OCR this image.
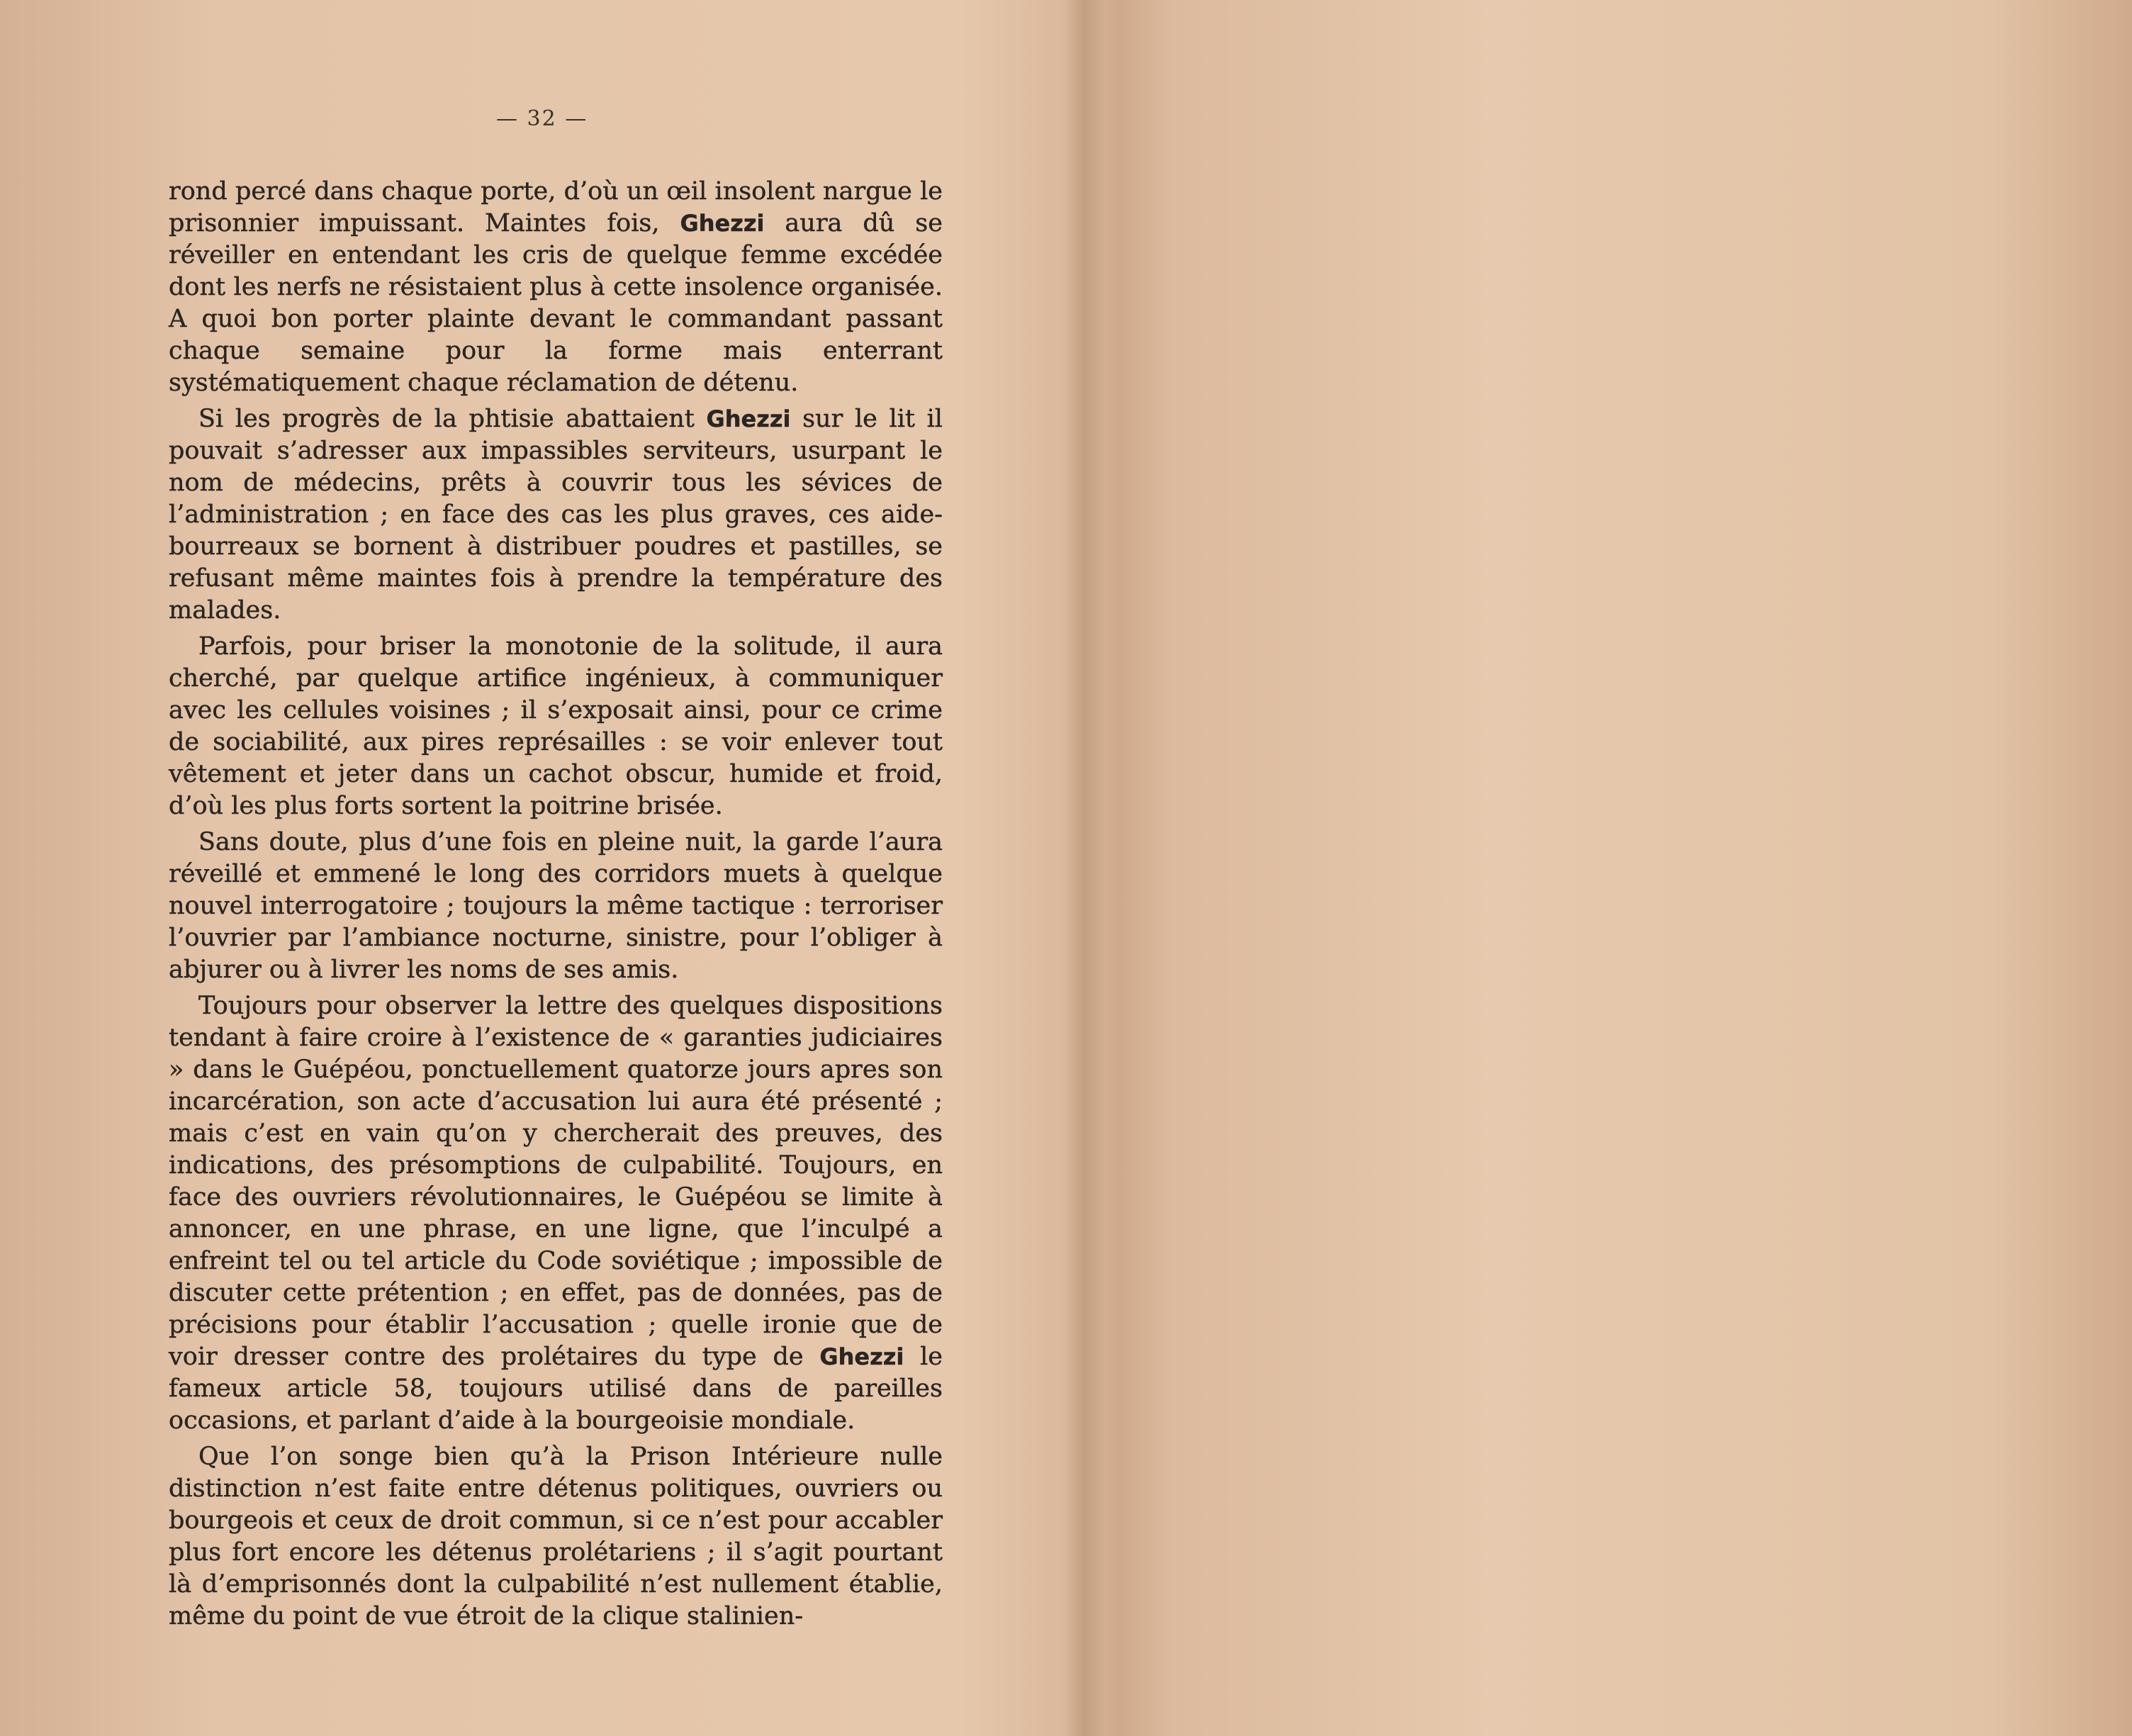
— 32 —

rond percé dans chaque porte, d’où un œil insolent nargue le prisonnier impuissant. Maintes fois, Ghezzi aura dû se réveiller en entendant les cris de quelque femme excédée dont les nerfs ne résistaient plus à cette insolence organisée. A quoi bon porter plainte devant le commandant passant chaque semaine pour la forme mais enterrant systématiquement chaque réclamation de détenu.

Si les progrès de la phtisie abattaient Ghezzi sur le lit il pouvait s’adresser aux impassibles serviteurs, usurpant le nom de médecins, prêts à couvrir tous les sévices de l’administration ; en face des cas les plus graves, ces aide-bourreaux se bornent à distribuer poudres et pastilles, se refusant même maintes fois à prendre la température des malades.

Parfois, pour briser la monotonie de la solitude, il aura cherché, par quelque artifice ingénieux, à communiquer avec les cellules voisines ; il s’exposait ainsi, pour ce crime de sociabilité, aux pires représailles : se voir enlever tout vêtement et jeter dans un cachot obscur, humide et froid, d’où les plus forts sortent la poitrine brisée.

Sans doute, plus d’une fois en pleine nuit, la garde l’aura réveillé et emmené le long des corridors muets à quelque nouvel interrogatoire ; toujours la même tactique : terroriser l’ouvrier par l’ambiance nocturne, sinistre, pour l’obliger à abjurer ou à livrer les noms de ses amis.

Toujours pour observer la lettre des quelques dispositions tendant à faire croire à l’existence de « garanties judiciaires » dans le Guépéou, ponctuellement quatorze jours apres son incarcération, son acte d’accusation lui aura été présenté ; mais c’est en vain qu’on y chercherait des preuves, des indications, des présomptions de culpabilité. Toujours, en face des ouvriers révolutionnaires, le Guépéou se limite à annoncer, en une phrase, en une ligne, que l’inculpé a enfreint tel ou tel article du Code soviétique ; impossible de discuter cette prétention ; en effet, pas de données, pas de précisions pour établir l’accusation ; quelle ironie que de voir dresser contre des prolétaires du type de Ghezzi le fameux article 58, toujours utilisé dans de pareilles occasions, et parlant d’aide à la bourgeoisie mondiale.

Que l’on songe bien qu’à la Prison Intérieure nulle distinction n’est faite entre détenus politiques, ouvriers ou bourgeois et ceux de droit commun, si ce n’est pour accabler plus fort encore les détenus prolétariens ; il s’agit pourtant là d’emprisonnés dont la culpabilité n’est nullement établie, même du point de vue étroit de la clique stalinien-
